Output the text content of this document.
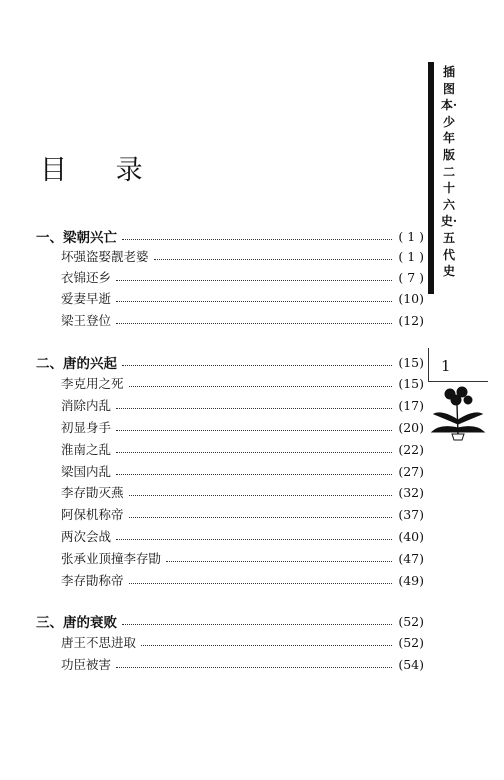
目 录
一、梁朝兴亡	( 1 )
坏强盗娶靓老婆	( 1 )
衣锦还乡	( 7 )
爱妻早逝	(10)
梁王登位	(12)
二、唐的兴起	(15)
李克用之死	(15)
消除内乱	(17)
初显身手	(20)
淮南之乱	(22)
梁国内乱	(27)
李存勖灭燕	(32)
阿保机称帝	(37)
两次会战	(40)
张承业顶撞李存勖	(47)
李存勖称帝	(49)
三、唐的衰败	(52)
唐王不思进取	(52)
功臣被害	(54)
插图本·少年版二十六史·五代史
1
